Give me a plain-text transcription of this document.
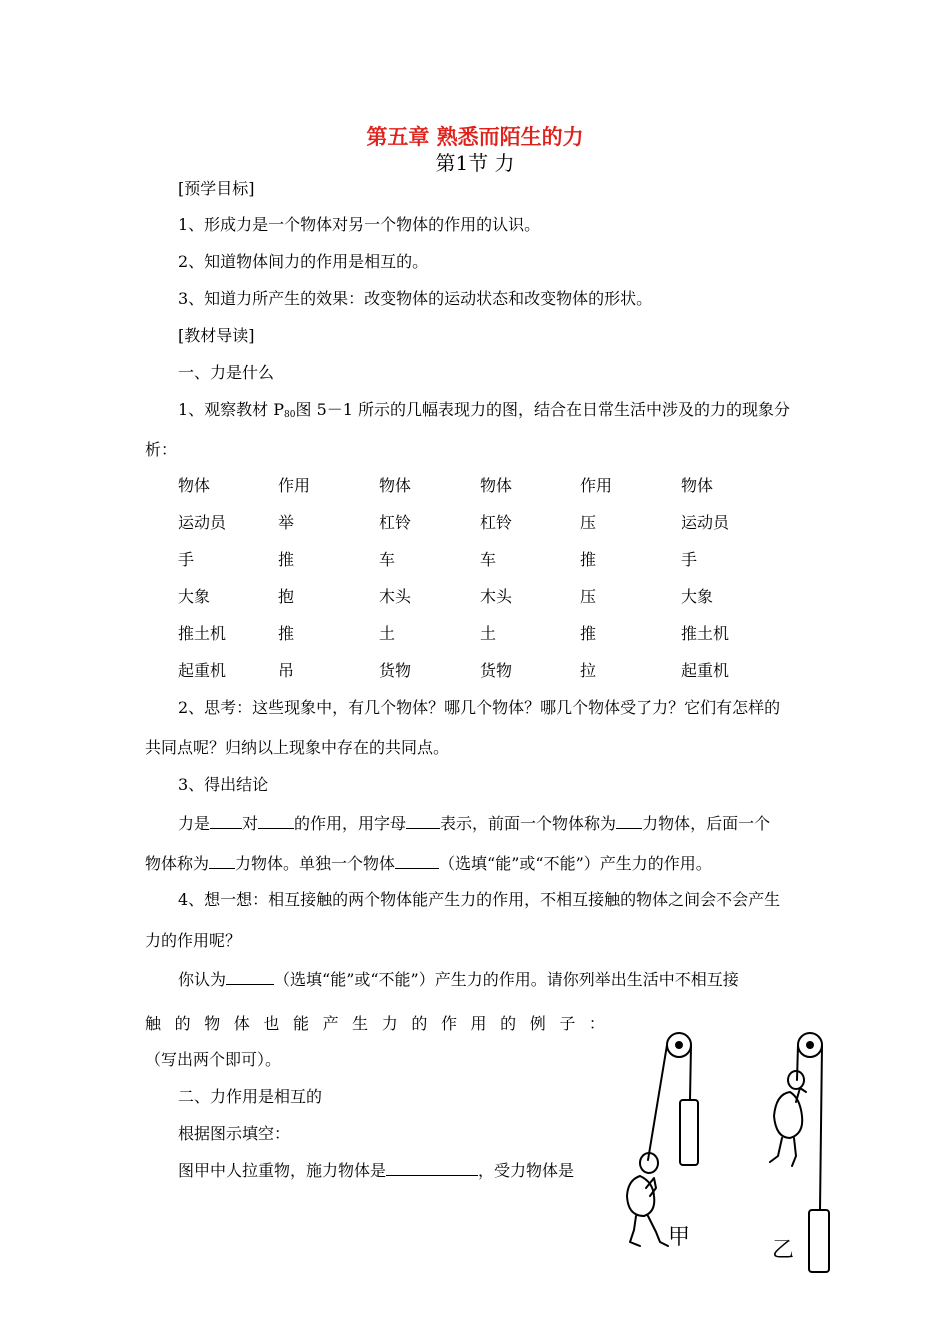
第五章 熟悉而陌生的力
第1节 力
[预学目标]
1、形成力是一个物体对另一个物体的作用的认识。
2、知道物体间力的作用是相互的。
3、知道力所产生的效果：改变物体的运动状态和改变物体的形状。
[教材导读]
一、力是什么
1、观察教材 $P_{80}$图 5－1 所示的几幅表现力的图，结合在日常生活中涉及的力的现象分
析：
物体	作用	物体	物体	作用	物体
运动员	举	杠铃	杠铃	压	运动员
手	推	车	车	推	手
大象	抱	木头	木头	压	大象
推土机	推	土	土	推	推土机
起重机	吊	货物	货物	拉	起重机
2、思考：这些现象中，有几个物体？哪几个物体？哪几个物体受了力？它们有怎样的
共同点呢？归纳以上现象中存在的共同点。
3、得出结论
力是 对 的作用，用字母 表示，前面一个物体称为 力物体，后面一个
物体称为 力物体。单独一个物体	（选填“能”或“不能”）产生力的作用。
4、想一想：相互接触的两个物体能产生力的作用，不相互接触的物体之间会不会产生
力的作用呢？
你认为	（选填“能”或“不能”）产生力的作用。请你列举出生活中不相互接
触 的 物 体 也 能 产 生 力 的 作 用 的 例 子 ：
（写出两个即可）。
二、力作用是相互的
根据图示填空：
图甲中人拉重物，施力物体是	，受力物体是
甲
乙
